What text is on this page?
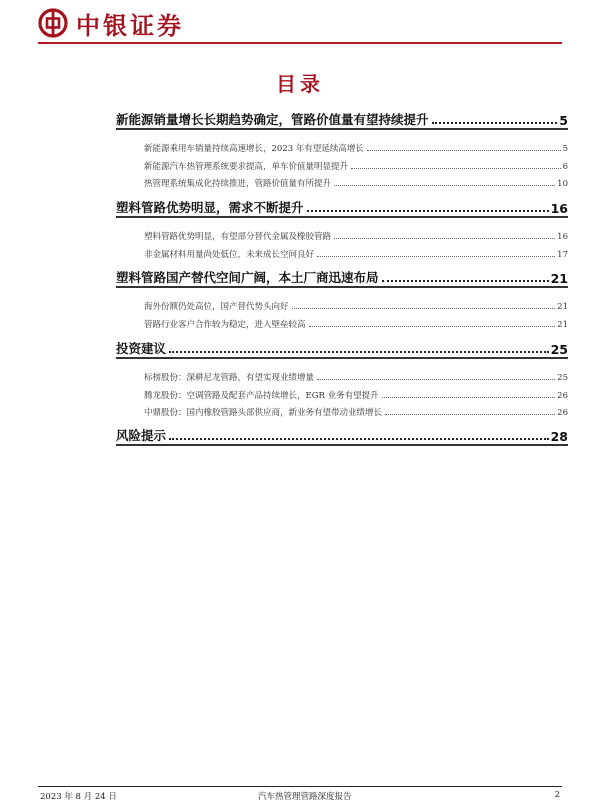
中银证券
目录
新能源销量增长长期趋势确定，管路价值量有望持续提升	5
新能源乘用车销量持续高速增长，2023 年有望延续高增长	5
新能源汽车热管理系统要求提高，单车价值量明显提升	6
热管理系统集成化持续推进，管路价值量有所提升	10
塑料管路优势明显，需求不断提升	16
塑料管路优势明显，有望部分替代金属及橡胶管路	16
非金属材料用量尚处低位，未来成长空间良好	17
塑料管路国产替代空间广阔，本土厂商迅速布局	21
海外份额仍处高位，国产替代势头向好	21
管路行业客户合作较为稳定，进入壁垒较高	21
投资建议	25
标榜股份：深耕尼龙管路，有望实现业绩增量	25
腾龙股份：空调管路及配套产品持续增长，EGR 业务有望提升	26
中鼎股份：国内橡胶管路头部供应商，新业务有望带动业绩增长	26
风险提示	28
2023 年 8 月 24 日	汽车热管理管路深度报告	2
